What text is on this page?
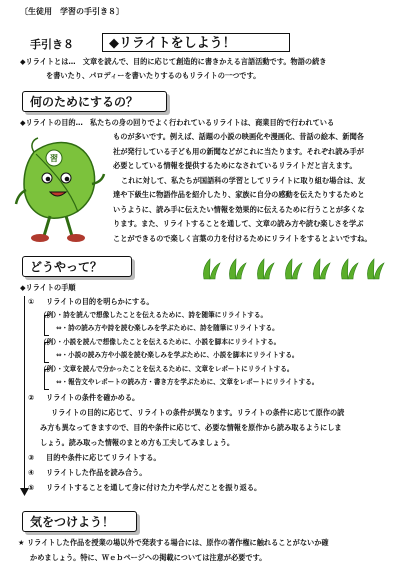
〔生徒用　学習の手引き８〕
手引き８	◆リライトをしよう！
◆リライトとは…　文章を読んで、目的に応じて創造的に書きかえる言語活動です。物語の続き
を書いたり、パロディーを書いたりするのもリライトの一つです。
何のためにするの？
◆リライトの目的…　私たちの身の回りでよく行われているリライトは、商業目的で行われている
ものが多いです。例えば、話題の小説の映画化や漫画化、昔話の絵本、新聞各
社が発行している子ども用の新聞などがこれに当たります。それぞれ読み手が
必要としている情報を提供するためになされているリライトだと言えます。
これに対して、私たちが国語科の学習としてリライトに取り組む場合は、友
達や下級生に物語作品を紹介したり、家族に自分の感動を伝えたりするためと
いうように、読み手に伝えたい情報を効果的に伝えるために行うことが多くな
ります。また、リライトすることを通して、文章の読み方や読む楽しさを学ぶ
ことができるので楽しく言葉の力を付けるためにリライトをするとよいですね。
習
どうやって？
◆リライトの手順
① リライトの目的を明らかにする。
（例）・詩を読んで想像したことを伝えるために、詩を随筆にリライトする。
⇔・詩の読み方や詩を読む楽しみを学ぶために、詩を随筆にリライトする。
（例）・小説を読んで想像したことを伝えるために、小説を脚本にリライトする。
⇔・小説の読み方や小説を読む楽しみを学ぶために、小説を脚本にリライトする。
（例）・文章を読んで分かったことを伝えるために、文章をレポートにリライトする。
⇔・報告文やレポートの読み方・書き方を学ぶために、文章をレポートにリライトする。
② リライトの条件を確かめる。
リライトの目的に応じて、リライトの条件が異なります。リライトの条件に応じて原作の読
み方も異なってきますので、目的や条件に応じて、必要な情報を原作から読み取るようにしま
しょう。読み取った情報のまとめ方も工夫してみましょう。
③ 目的や条件に応じてリライトする。
④ リライトした作品を読み合う。
⑤ リライトすることを通して身に付けた力や学んだことを振り返る。
気をつけよう！
★ リライトした作品を授業の場以外で発表する場合には、原作の著作権に触れることがないか確
かめましょう。特に、Ｗｅｂページへの掲載については注意が必要です。
